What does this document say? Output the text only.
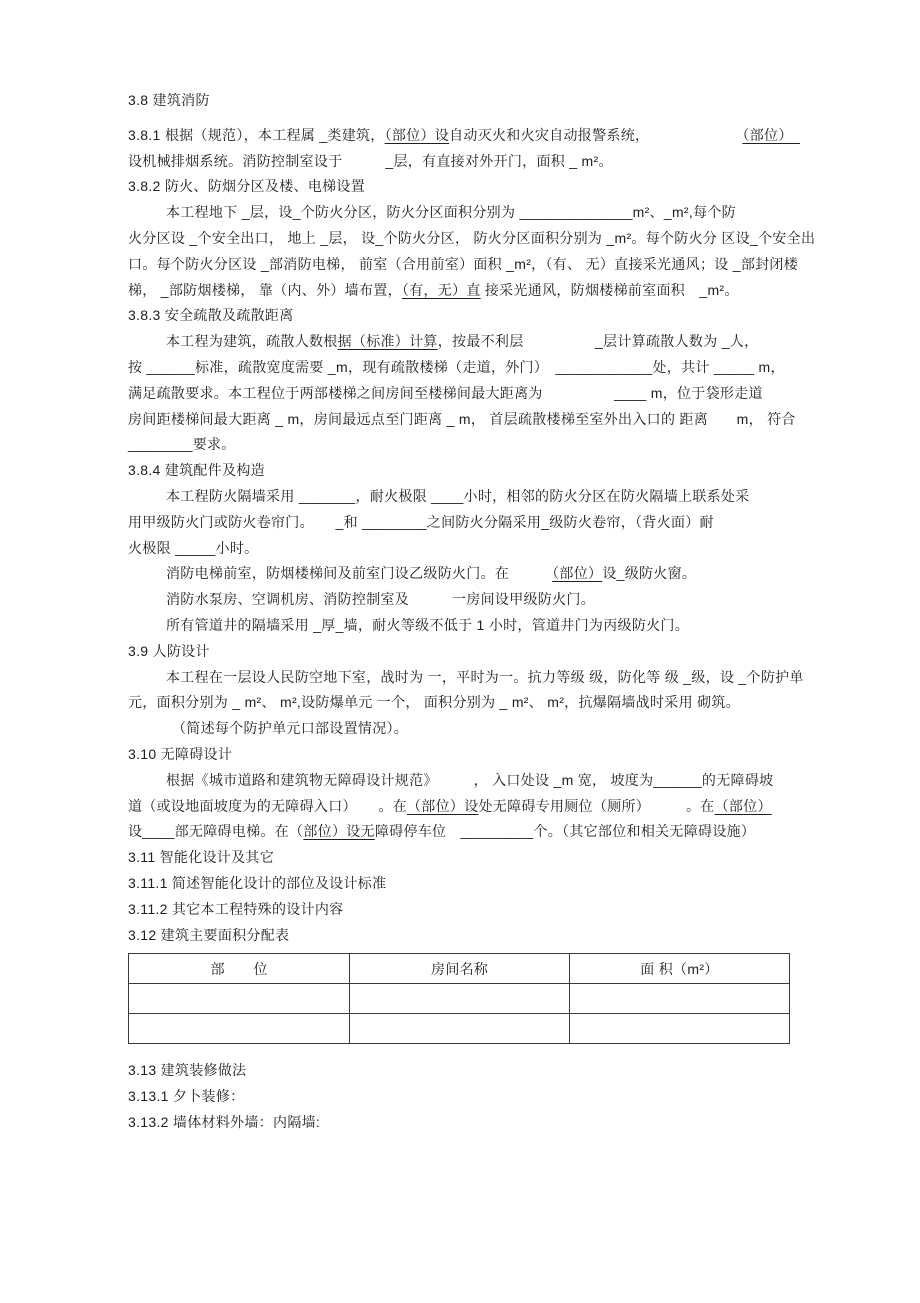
3.8 建筑消防

3.8.1 根据（规范），本工程属 _类建筑，（部位）设自动灭火和火灾自动报警系统，　　　　　　　（部位）　

设机械排烟系统。消防控制室设于　　　_层，有直接对外开门，面积 _ m²。

3.8.2 防火、防烟分区及楼、电梯设置

本工程地下 _层，设_个防火分区，防火分区面积分别为 ______________m²、_m²,每个防

火分区设 _个安全出口， 地上 _层， 设_个防火分区， 防火分区面积分别为 _m²。每个防火分 区设_个安全出

口。每个防火分区设 _部消防电梯， 前室（合用前室）面积 _m²，（有、 无）直接采光通风；设 _部封闭楼

梯， _部防烟楼梯， 靠（内、外）墙布置，（有，无）直 接采光通风，防烟楼梯前室面积　_m²。

3.8.3 安全疏散及疏散距离

本工程为建筑，疏散人数根据（标准）计算，按最不利层　　　　　_层计算疏散人数为 _人，

按 ______标准，疏散宽度需要 _m，现有疏散楼梯（走道，外门）　____________处，共计 _____ m，

满足疏散要求。本工程位于两部楼梯之间房间至楼梯间最大距离为　　　　　____ m，位于袋形走道

房间距楼梯间最大距离 _ m，房间最远点至门距离 _ m， 首层疏散楼梯至室外出入口的 距离　　m， 符合

________要求。

3.8.4 建筑配件及构造

本工程防火隔墙采用 _______，耐火极限 ____小时，相邻的防火分区在防火隔墙上联系处采

用甲级防火门或防火卷帘门。　　_和 ________之间防火分隔采用_级防火卷帘，（背火面）耐

火极限 _____小时。

消防电梯前室，防烟楼梯间及前室门设乙级防火门。在　　　（部位）设_级防火窗。

消防水泵房、空调机房、消防控制室及　　　一房间设甲级防火门。

所有管道井的隔墙采用 _厚_墙，耐火等级不低于 1 小时，管道井门为丙级防火门。

3.9 人防设计

本工程在一层设人民防空地下室，战时为 一，平时为一。抗力等级 级，防化等 级 _级，设 _个防护单

元，面积分别为 _ m²、 m²,设防爆单元 一个， 面积分别为 _ m²、 m²，抗爆隔墙战时采用 砌筑。

（简述每个防护单元口部设置情况）。

3.10 无障碍设计

根据《城市道路和建筑物无障碍设计规范》　　　， 入口处设 _m 宽， 坡度为______的无障碍坡

道（或设地面坡度为的无障碍入口）　　。在（部位）设处无障碍专用厕位（厕所）　　　。在（部位）

设____部无障碍电梯。在（部位）设无障碍停车位　_________个。（其它部位和相关无障碍设施）

3.11 智能化设计及其它

3.11.1 简述智能化设计的部位及设计标准

3.11.2 其它本工程特殊的设计内容

3.12 建筑主要面积分配表

部　　位	房间名称	面 积（m²）

3.13 建筑装修做法

3.13.1 夕卜装修：

3.13.2 墙体材料外墙：内隔墙:
